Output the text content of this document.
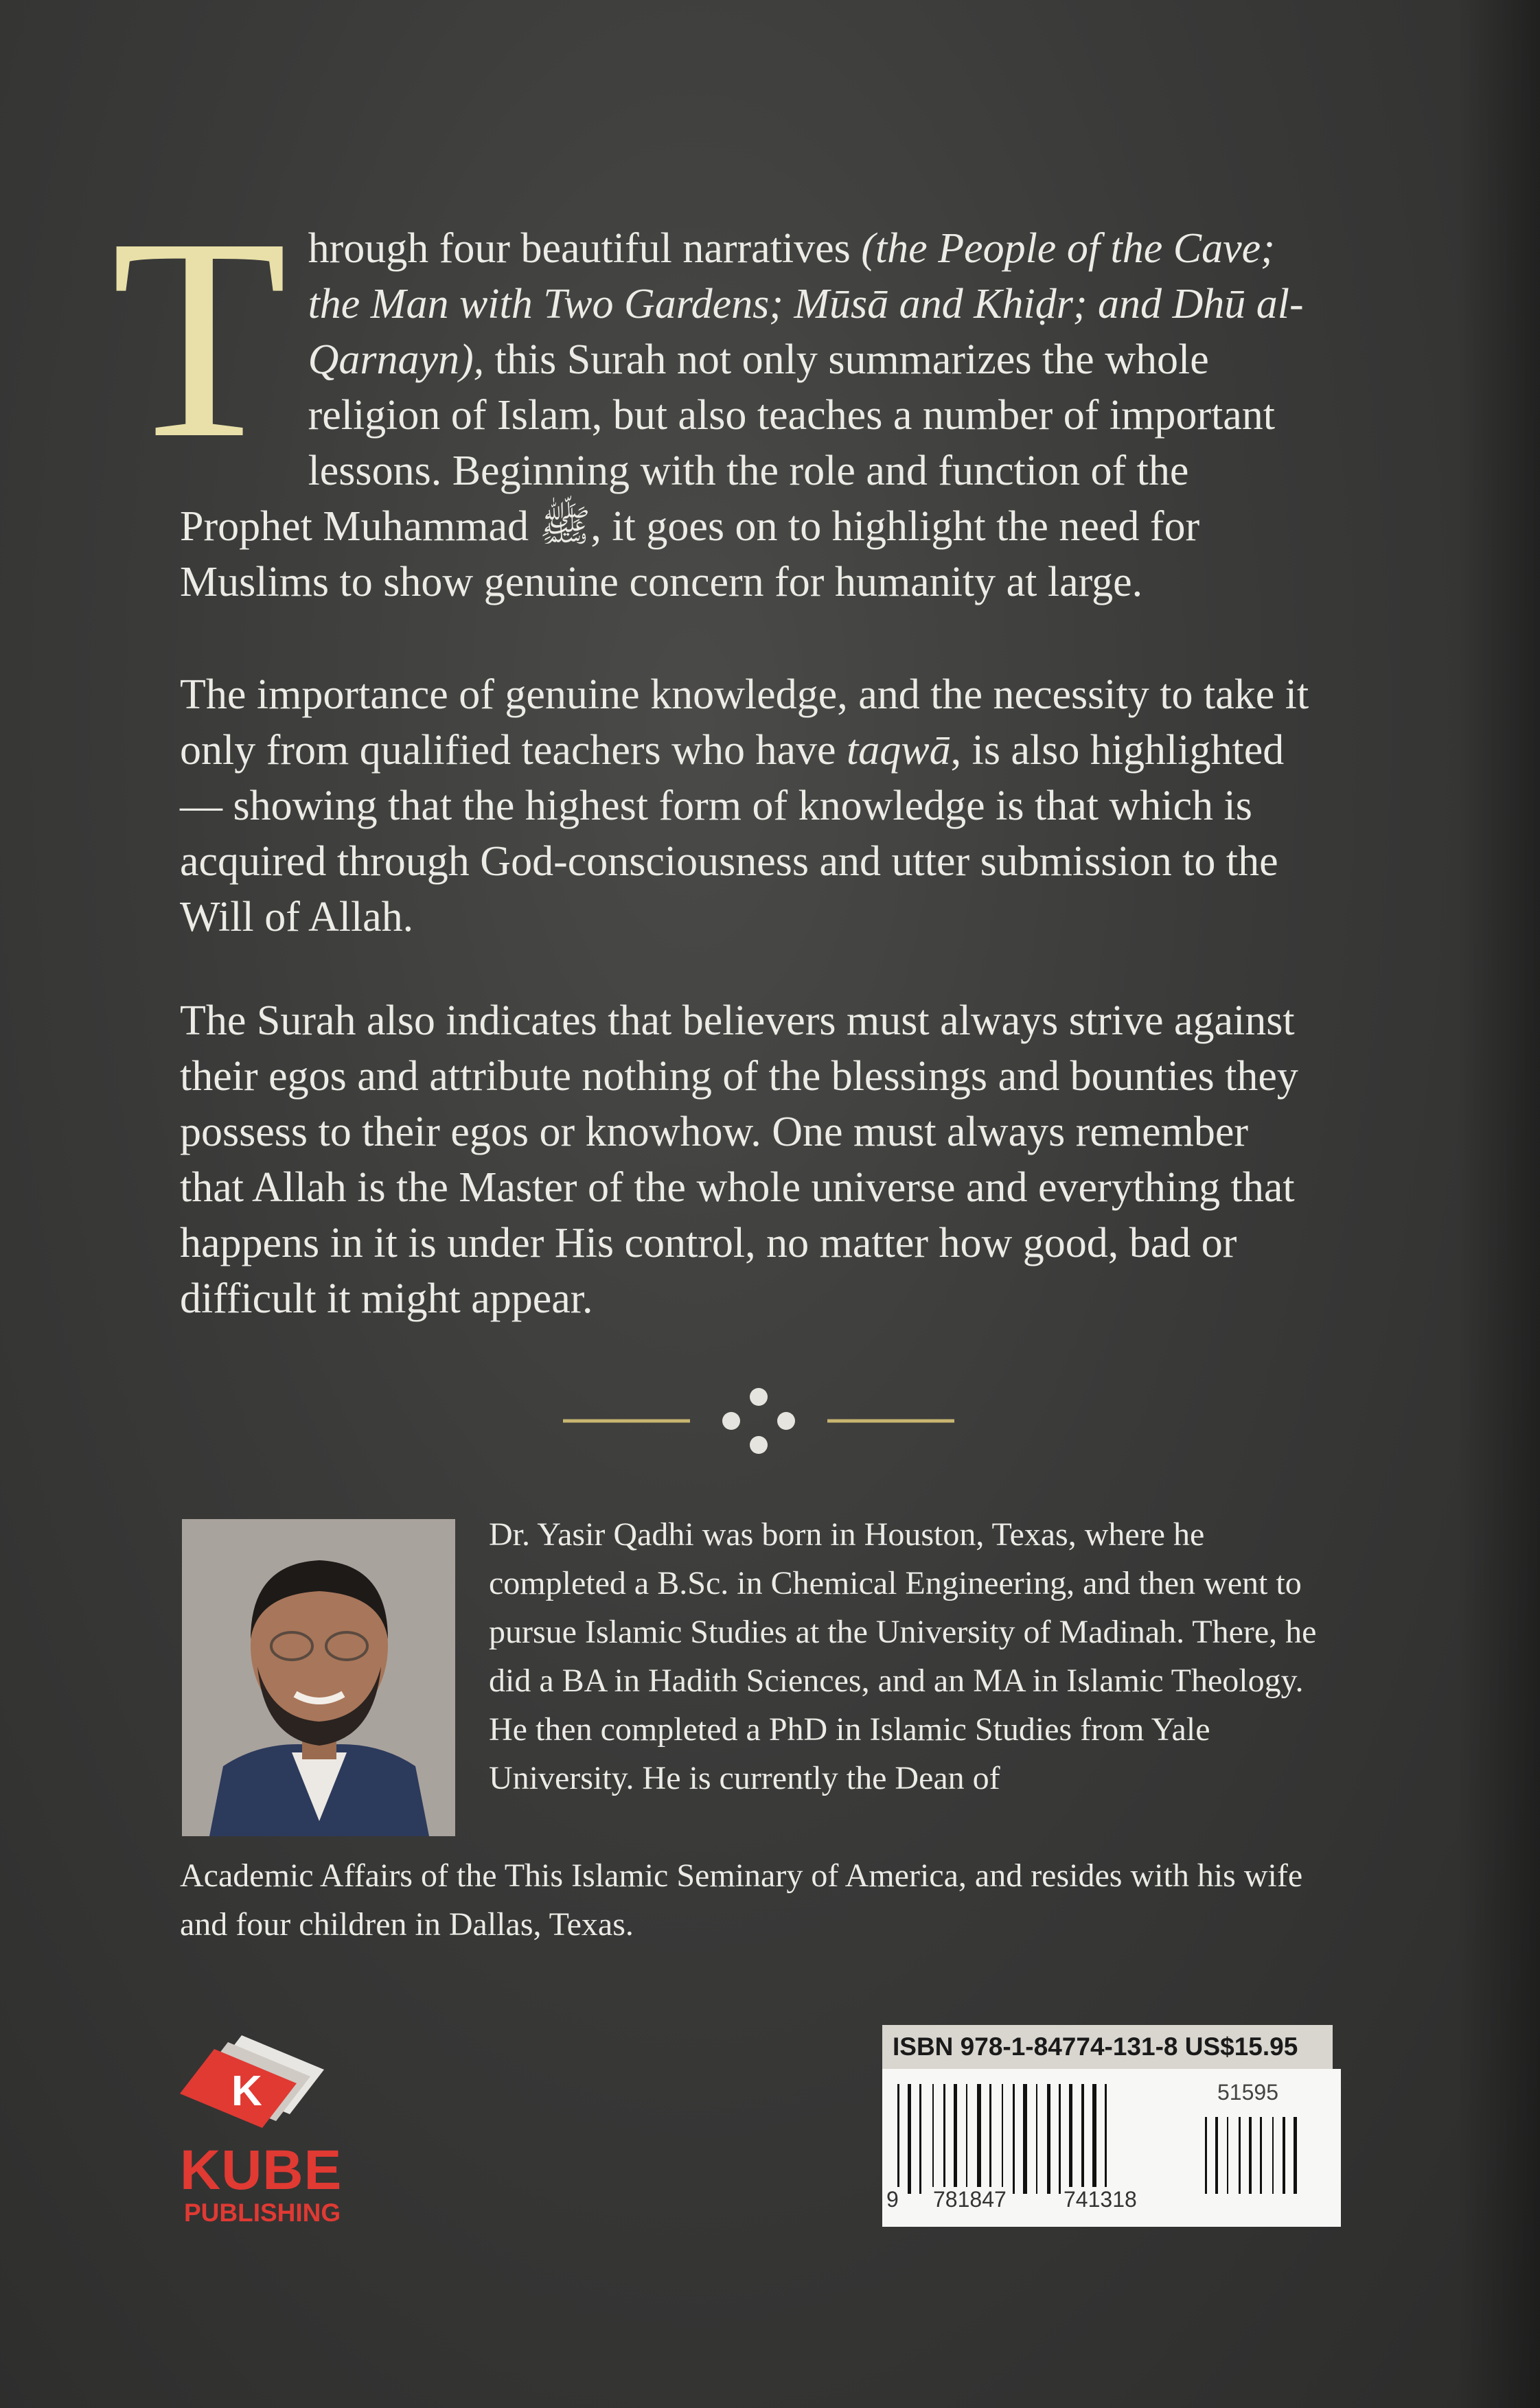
Through four beautiful narratives (the People of the Cave; the Man with Two Gardens; Mūsā and Khiḍr; and Dhū al-Qarnayn), this Surah not only summarizes the whole religion of Islam, but also teaches a number of important lessons. Beginning with the role and function of the Prophet Muhammad ﷺ, it goes on to highlight the need for Muslims to show genuine concern for humanity at large.
The importance of genuine knowledge, and the necessity to take it only from qualified teachers who have taqwā, is also highlighted — showing that the highest form of knowledge is that which is acquired through God-consciousness and utter submission to the Will of Allah.
The Surah also indicates that believers must always strive against their egos and attribute nothing of the blessings and bounties they possess to their egos or knowhow. One must always remember that Allah is the Master of the whole universe and everything that happens in it is under His control, no matter how good, bad or difficult it might appear.
Dr. Yasir Qadhi was born in Houston, Texas, where he completed a B.Sc. in Chemical Engineering, and then went to pursue Islamic Studies at the University of Madinah. There, he did a BA in Hadith Sciences, and an MA in Islamic Theology. He then completed a PhD in Islamic Studies from Yale University. He is currently the Dean of
Academic Affairs of the This Islamic Seminary of America, and resides with his wife and four children in Dallas, Texas.
K
KUBE
PUBLISHING
ISBN 978-1-84774-131-8 US$15.95
51595
9 781847	741318
